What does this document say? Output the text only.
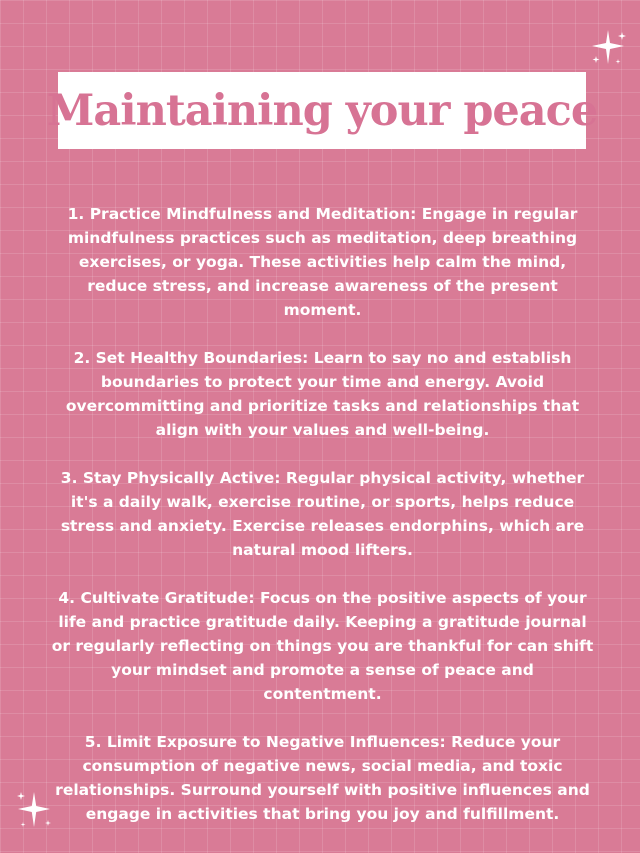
Maintaining your peace

1. Practice Mindfulness and Meditation: Engage in regular mindfulness practices such as meditation, deep breathing exercises, or yoga. These activities help calm the mind, reduce stress, and increase awareness of the present moment.

2. Set Healthy Boundaries: Learn to say no and establish boundaries to protect your time and energy. Avoid overcommitting and prioritize tasks and relationships that align with your values and well-being.

3. Stay Physically Active: Regular physical activity, whether it's a daily walk, exercise routine, or sports, helps reduce stress and anxiety. Exercise releases endorphins, which are natural mood lifters.

4. Cultivate Gratitude: Focus on the positive aspects of your life and practice gratitude daily. Keeping a gratitude journal or regularly reflecting on things you are thankful for can shift your mindset and promote a sense of peace and contentment.

5. Limit Exposure to Negative Influences: Reduce your consumption of negative news, social media, and toxic relationships. Surround yourself with positive influences and engage in activities that bring you joy and fulfillment.
